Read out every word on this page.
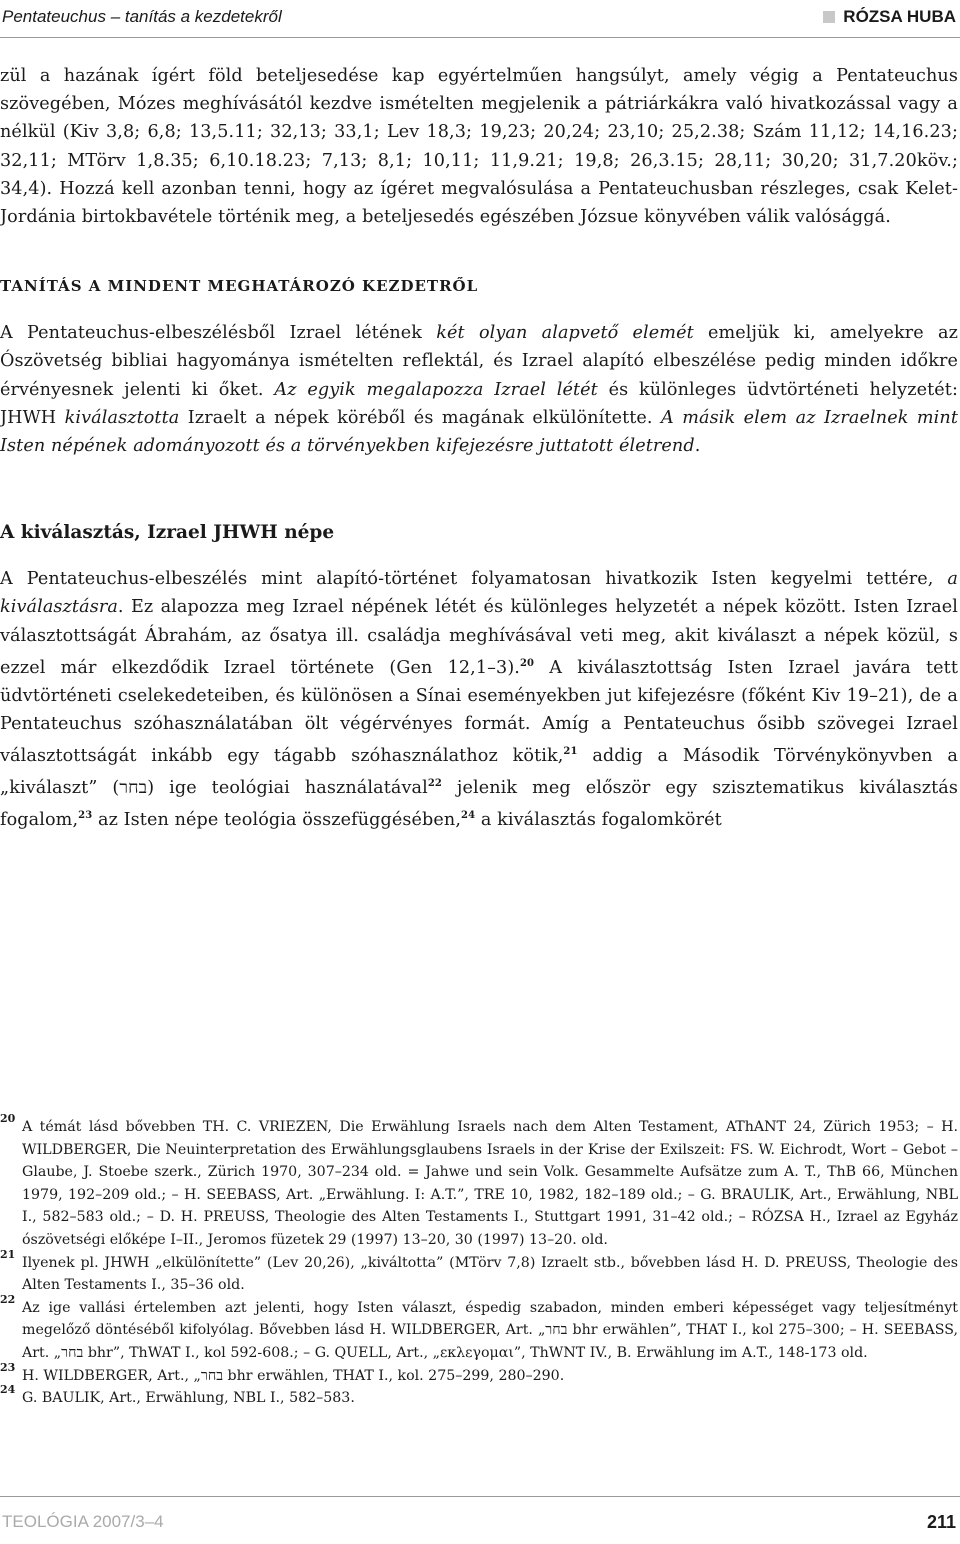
Pentateuchus – tanítás a kezdetekről	RÓZSA HUBA

zül a hazának ígért föld beteljesedése kap egyértelműen hangsúlyt, amely végig a Pentateuchus szövegében, Mózes meghívásától kezdve ismételten megjelenik a pátriárkákra való hivatkozással vagy a nélkül (Kiv 3,8; 6,8; 13,5.11; 32,13; 33,1; Lev 18,3; 19,23; 20,24; 23,10; 25,2.38; Szám 11,12; 14,16.23; 32,11; MTörv 1,8.35; 6,10.18.23; 7,13; 8,1; 10,11; 11,9.21; 19,8; 26,3.15; 28,11; 30,20; 31,7.20köv.; 34,4). Hozzá kell azonban tenni, hogy az ígéret megvalósulása a Pentateuchusban részleges, csak Kelet-Jordánia birtokbavétele történik meg, a beteljesedés egészében Józsue könyvében válik valósággá.

TANÍTÁS A MINDENT MEGHATÁROZÓ KEZDETRŐL

A Pentateuchus-elbeszélésből Izrael létének két olyan alapvető elemét emeljük ki, amelyekre az Ószövetség bibliai hagyománya ismételten reflektál, és Izrael alapító elbeszélése pedig minden időkre érvényesnek jelenti ki őket. Az egyik megalapozza Izrael létét és különleges üdvtörténeti helyzetét: JHWH kiválasztotta Izraelt a népek köréből és magának elkülönítette. A másik elem az Izraelnek mint Isten népének adományozott és a törvényekben kifejezésre juttatott életrend.

A kiválasztás, Izrael JHWH népe

A Pentateuchus-elbeszélés mint alapító-történet folyamatosan hivatkozik Isten kegyelmi tettére, a kiválasztásra. Ez alapozza meg Izrael népének létét és különleges helyzetét a népek között. Isten Izrael választottságát Ábrahám, az ősatya ill. családja meghívásával veti meg, akit kiválaszt a népek közül, s ezzel már elkezdődik Izrael története (Gen 12,1–3).$^{20}$ A kiválasztottság Isten Izrael javára tett üdvtörténeti cselekedeteiben, és különösen a Sínai eseményekben jut kifejezésre (főként Kiv 19–21), de a Pentateuchus szóhasználatában ölt végérvényes formát. Amíg a Pentateuchus ősibb szövegei Izrael választottságát inkább egy tágabb szóhasználathoz kötik,$^{21}$ addig a Második Törvénykönyvben a „kiválaszt” (בחר) ige teológiai használatával$^{22}$ jelenik meg először egy szisztematikus kiválasztás fogalom,$^{23}$ az Isten népe teológia összefüggésében,$^{24}$ a kiválasztás fogalomkörét

20
A témát lásd bővebben TH. C. VRIEZEN, Die Erwählung Israels nach dem Alten Testament, AThANT 24, Zürich 1953; – H. WILDBERGER, Die Neuinterpretation des Erwählungsglaubens Israels in der Krise der Exilszeit: FS. W. Eichrodt, Wort – Gebot – Glaube, J. Stoebe szerk., Zürich 1970, 307–234 old. = Jahwe und sein Volk. Gesammelte Aufsätze zum A. T., ThB 66, München 1979, 192–209 old.; – H. SEEBASS, Art. „Erwählung. I: A.T.”, TRE 10, 1982, 182–189 old.; – G. BRAULIK, Art., Erwählung, NBL I., 582–583 old.; – D. H. PREUSS, Theologie des Alten Testaments I., Stuttgart 1991, 31–42 old.; – RÓZSA H., Izrael az Egyház ószövetségi előképe I–II., Jeromos füzetek 29 (1997) 13–20, 30 (1997) 13–20. old.
21
Ilyenek pl. JHWH „elkülönítette” (Lev 20,26), „kiváltotta” (MTörv 7,8) Izraelt stb., bővebben lásd H. D. PREUSS, Theologie des Alten Testaments I., 35–36 old.
22
Az ige vallási értelemben azt jelenti, hogy Isten választ, éspedig szabadon, minden emberi képességet vagy teljesítményt megelőző döntéséből kifolyólag. Bővebben lásd H. WILDBERGER, Art. „בחר bhr erwählen”, THAT I., kol 275–300; – H. SEEBASS, Art. „בחר bhr”, ThWAT I., kol 592-608.; – G. QUELL, Art., „εκλεγομαι”, ThWNT IV., B. Erwählung im A.T., 148-173 old.
23
H. WILDBERGER, Art., „בחר bhr erwählen, THAT I., kol. 275–299, 280–290.
24
G. BAULIK, Art., Erwählung, NBL I., 582–583.
TEOLÓGIA 2007/3–4	211
